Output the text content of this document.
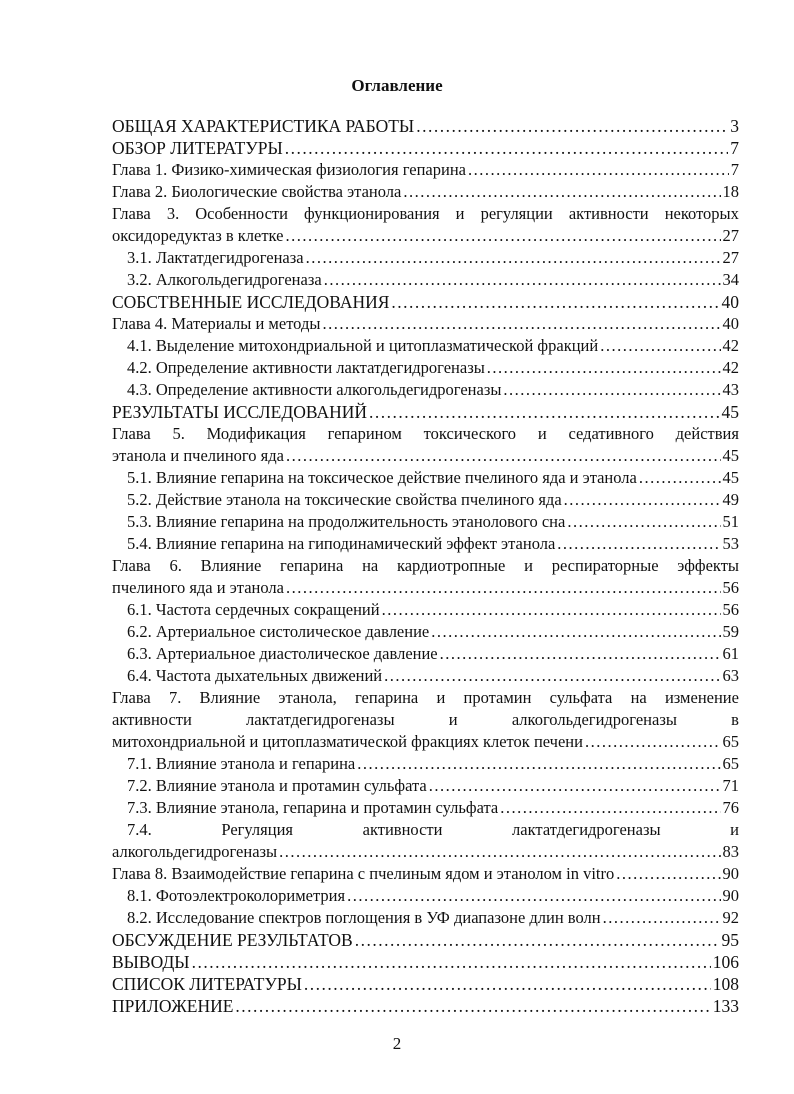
Оглавление
ОБЩАЯ ХАРАКТЕРИСТИКА РАБОТЫ .....	3
ОБЗОР ЛИТЕРАТУРЫ .....	7
Глава 1. Физико-химическая физиология гепарина .....	7
Глава 2. Биологические свойства этанола .....	18
Глава 3. Особенности функционирования и регуляции активности некоторых
оксидоредуктаз в клетке .....	27
3.1. Лактатдегидрогеназа .....	27
3.2. Алкогольдегидрогеназа .....	34
СОБСТВЕННЫЕ ИССЛЕДОВАНИЯ .....	40
Глава 4. Материалы и методы .....	40
4.1. Выделение митохондриальной и цитоплазматической фракций .....	42
4.2. Определение активности лактатдегидрогеназы .....	42
4.3. Определение активности алкогольдегидрогеназы .....	43
РЕЗУЛЬТАТЫ ИССЛЕДОВАНИЙ .....	45
Глава 5. Модификация гепарином токсического и седативного действия
этанола и пчелиного яда .....	45
5.1. Влияние гепарина на токсическое действие пчелиного яда и этанола .....	45
5.2. Действие этанола на токсические свойства пчелиного яда .....	49
5.3. Влияние гепарина на продолжительность этанолового сна .....	51
5.4. Влияние гепарина на гиподинамический эффект этанола .....	53
Глава 6. Влияние гепарина на кардиотропные и респираторные эффекты
пчелиного яда и этанола .....	56
6.1. Частота сердечных сокращений .....	56
6.2. Артериальное систолическое давление .....	59
6.3. Артериальное диастолическое давление .....	61
6.4. Частота дыхательных движений .....	63
Глава 7. Влияние этанола, гепарина и протамин сульфата на изменение
активности	лактатдегидрогеназы	и	алкогольдегидрогеназы	в
митохондриальной и цитоплазматической фракциях клеток печени .....	65
7.1. Влияние этанола и гепарина .....	65
7.2. Влияние этанола и протамин сульфата .....	71
7.3. Влияние этанола, гепарина и протамин сульфата .....	76
7.4.	Регуляция	активности	лактатдегидрогеназы	и
алкогольдегидрогеназы .....	83
Глава 8. Взаимодействие гепарина с пчелиным ядом и этанолом in vitro .....	90
8.1. Фотоэлектроколориметрия .....	90
8.2. Исследование спектров поглощения в УФ диапазоне длин волн .....	92
ОБСУЖДЕНИЕ РЕЗУЛЬТАТОВ .....	95
ВЫВОДЫ .....	106
СПИСОК ЛИТЕРАТУРЫ .....	108
ПРИЛОЖЕНИЕ .....	133
2
